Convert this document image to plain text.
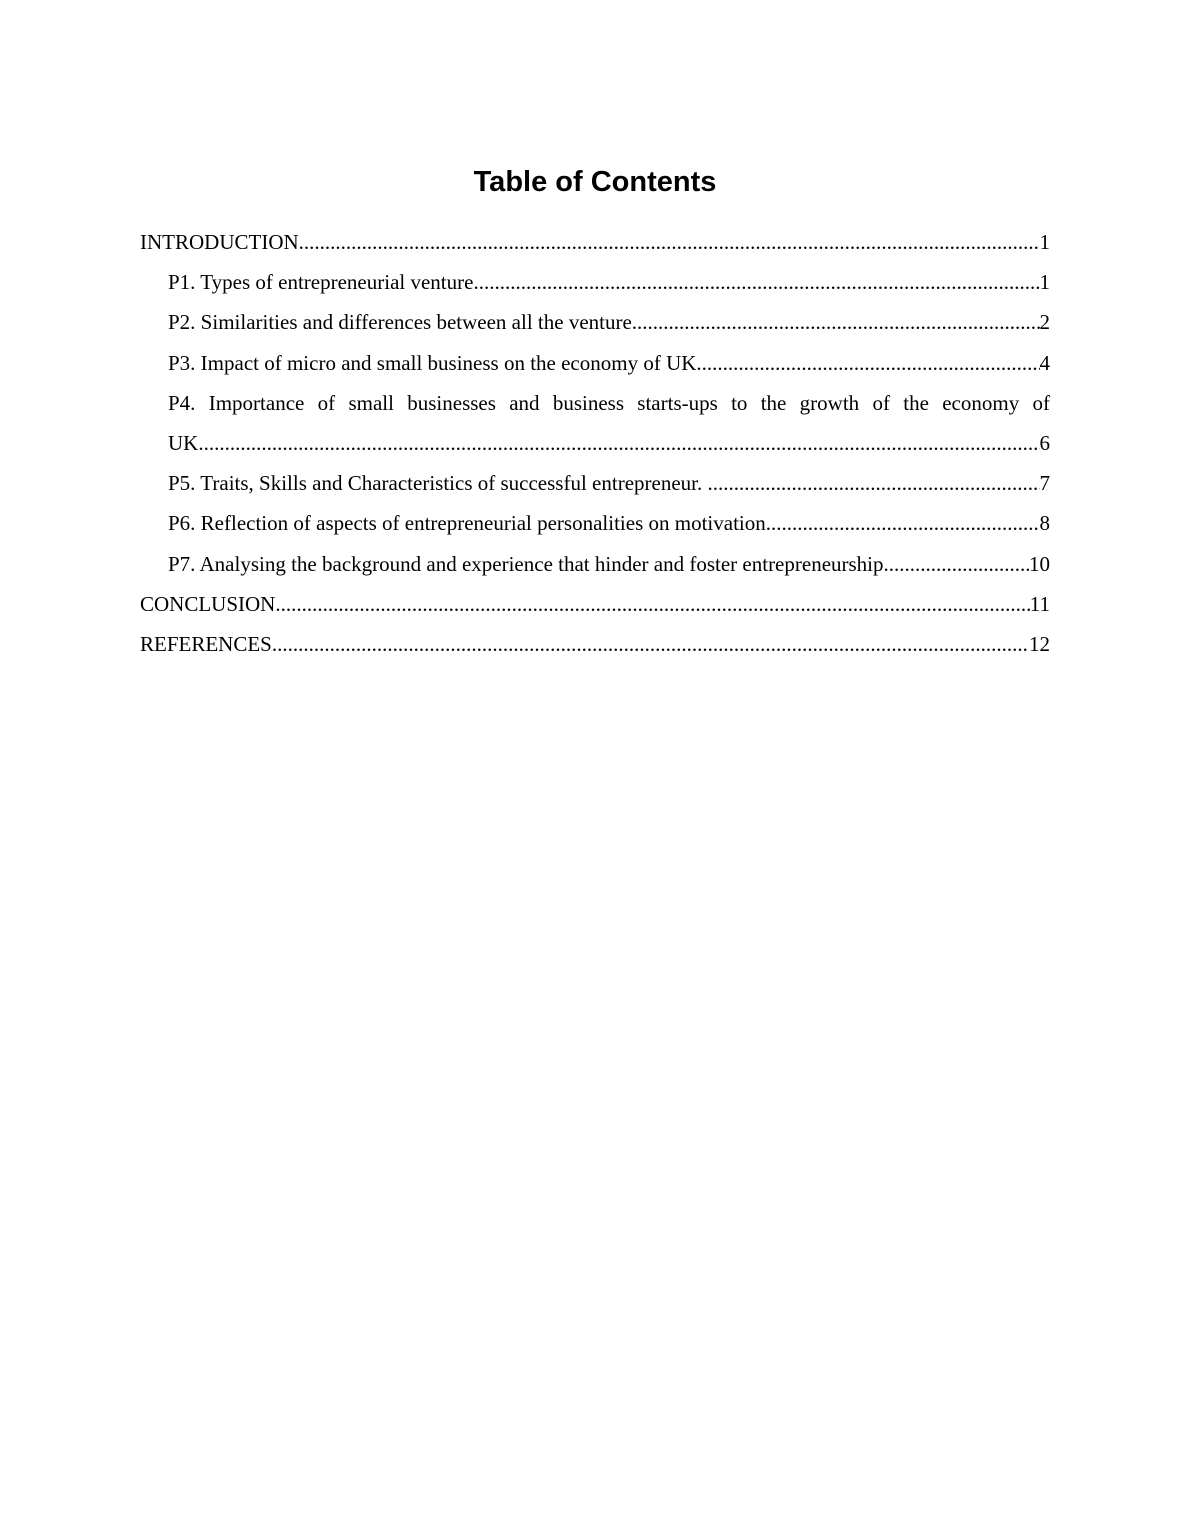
Table of Contents
INTRODUCTION .....	1
P1. Types of entrepreneurial venture .....	1
P2. Similarities and differences between all the venture .....	2
P3. Impact of micro and small business on the economy of UK .....	4
P4. Importance of small businesses and business starts-ups to the growth of the economy of
UK .....	6
P5. Traits, Skills and Characteristics of successful entrepreneur. .....	7
P6. Reflection of aspects of entrepreneurial personalities on motivation .....	8
P7. Analysing the background and experience that hinder and foster entrepreneurship .....	10
CONCLUSION .....	11
REFERENCES .....	12
